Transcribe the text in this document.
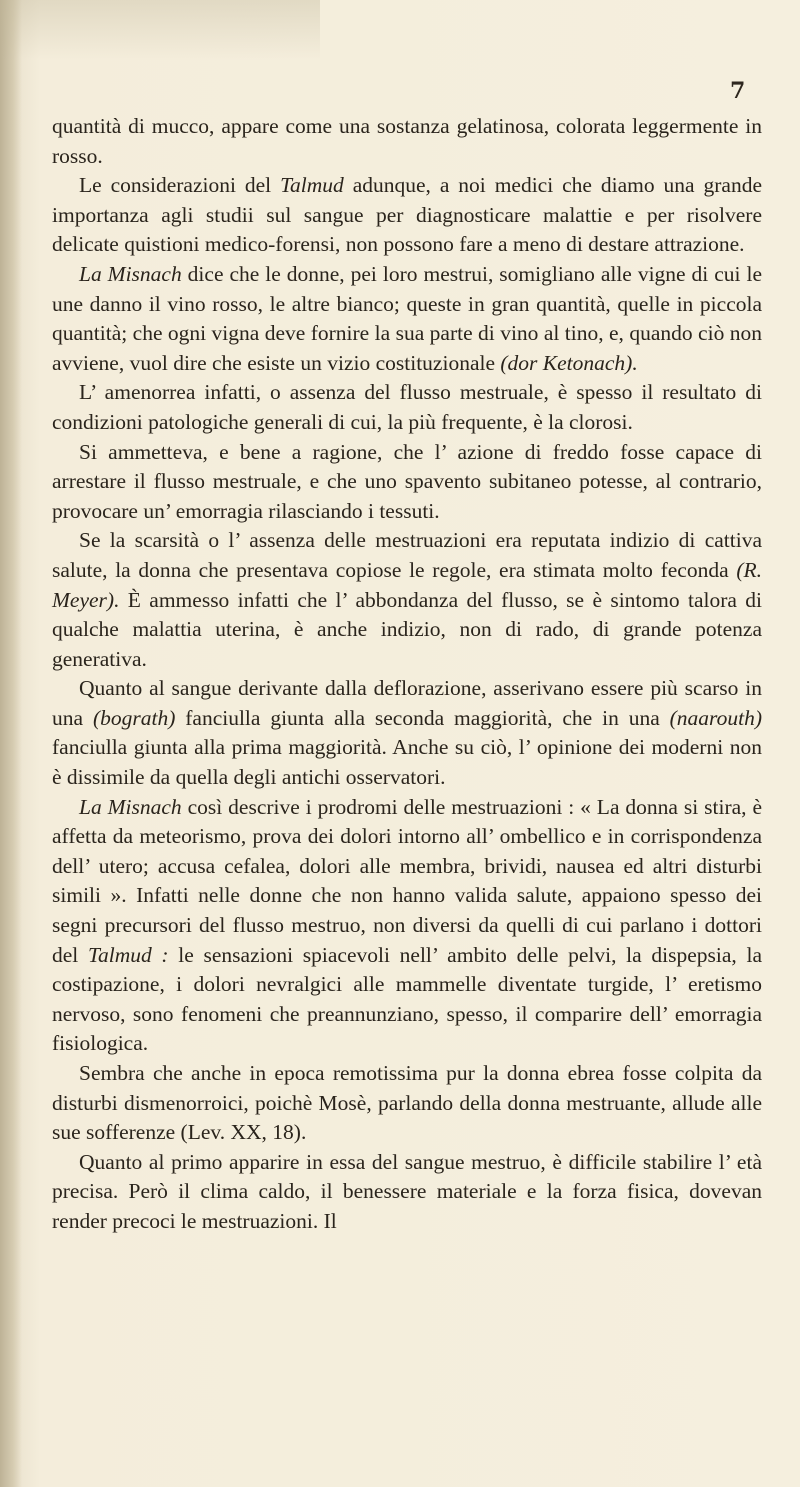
7

quantità di mucco, appare come una sostanza gelatinosa, colorata leggermente in rosso.

Le considerazioni del Talmud adunque, a noi medici che diamo una grande importanza agli studii sul sangue per diagnosticare malattie e per risolvere delicate quistioni medico-forensi, non possono fare a meno di destare attrazione.

La Misnach dice che le donne, pei loro mestrui, somigliano alle vigne di cui le une danno il vino rosso, le altre bianco; queste in gran quantità, quelle in piccola quantità; che ogni vigna deve fornire la sua parte di vino al tino, e, quando ciò non avviene, vuol dire che esiste un vizio costituzionale (dor Ketonach).

L’ amenorrea infatti, o assenza del flusso mestruale, è spesso il resultato di condizioni patologiche generali di cui, la più frequente, è la clorosi.

Si ammetteva, e bene a ragione, che l’ azione di freddo fosse capace di arrestare il flusso mestruale, e che uno spavento subitaneo potesse, al contrario, provocare un’ emorragia rilasciando i tessuti.

Se la scarsità o l’ assenza delle mestruazioni era reputata indizio di cattiva salute, la donna che presentava copiose le regole, era stimata molto feconda (R. Meyer). È ammesso infatti che l’ abbondanza del flusso, se è sintomo talora di qualche malattia uterina, è anche indizio, non di rado, di grande potenza generativa.

Quanto al sangue derivante dalla deflorazione, asserivano essere più scarso in una (bograth) fanciulla giunta alla seconda maggiorità, che in una (naarouth) fanciulla giunta alla prima maggiorità. Anche su ciò, l’ opinione dei moderni non è dissimile da quella degli antichi osservatori.

La Misnach così descrive i prodromi delle mestruazioni : « La donna si stira, è affetta da meteorismo, prova dei dolori intorno all’ ombellico e in corrispondenza dell’ utero; accusa cefalea, dolori alle membra, brividi, nausea ed altri disturbi simili ». Infatti nelle donne che non hanno valida salute, appaiono spesso dei segni precursori del flusso mestruo, non diversi da quelli di cui parlano i dottori del Talmud : le sensazioni spiacevoli nell’ ambito delle pelvi, la dispepsia, la costipazione, i dolori nevralgici alle mammelle diventate turgide, l’ eretismo nervoso, sono fenomeni che preannunziano, spesso, il comparire dell’ emorragia fisiologica.

Sembra che anche in epoca remotissima pur la donna ebrea fosse colpita da disturbi dismenorroici, poichè Mosè, parlando della donna mestruante, allude alle sue sofferenze (Lev. XX, 18).

Quanto al primo apparire in essa del sangue mestruo, è difficile stabilire l’ età precisa. Però il clima caldo, il benessere materiale e la forza fisica, dovevan render precoci le mestruazioni. Il
